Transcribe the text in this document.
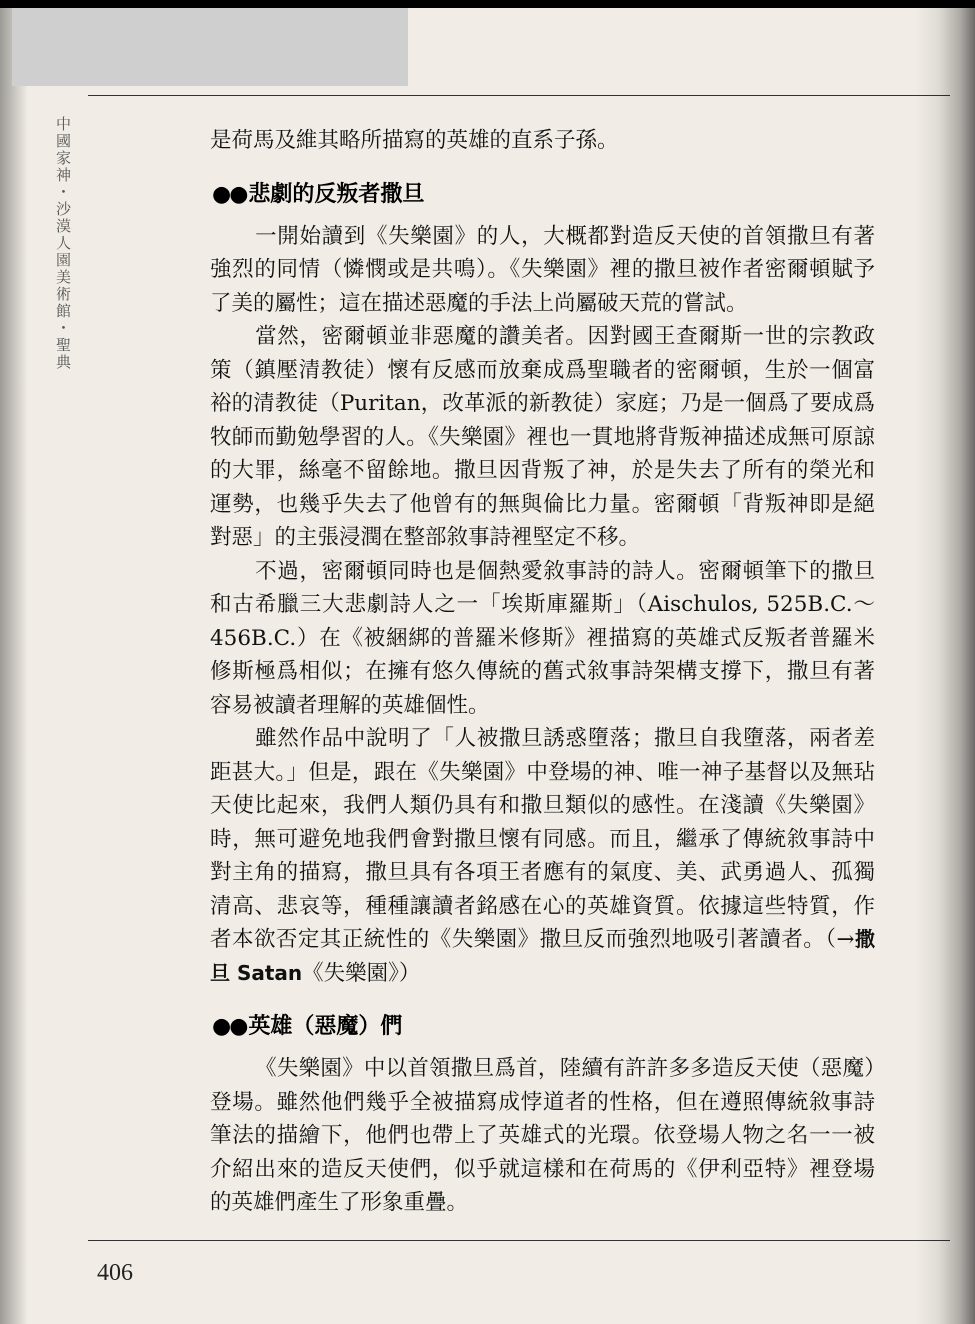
中國家神・沙漠人園美術館・聖典	是荷馬及維其略所描寫的英雄的直系子孫。

●●悲劇的反叛者撒旦

一開始讀到《失樂園》的人，大概都對造反天使的首領撒旦有著強烈的同情（憐憫或是共鳴）。《失樂園》裡的撒旦被作者密爾頓賦予了美的屬性；這在描述惡魔的手法上尚屬破天荒的嘗試。

當然，密爾頓並非惡魔的讚美者。因對國王查爾斯一世的宗教政策（鎮壓清教徒）懷有反感而放棄成爲聖職者的密爾頓，生於一個富裕的清教徒（Puritan，改革派的新教徒）家庭；乃是一個爲了要成爲牧師而勤勉學習的人。《失樂園》裡也一貫地將背叛神描述成無可原諒的大罪，絲毫不留餘地。撒旦因背叛了神，於是失去了所有的榮光和運勢，也幾乎失去了他曾有的無與倫比力量。密爾頓「背叛神即是絕對惡」的主張浸潤在整部敘事詩裡堅定不移。

不過，密爾頓同時也是個熱愛敘事詩的詩人。密爾頓筆下的撒旦和古希臘三大悲劇詩人之一「埃斯庫羅斯」（Aischulos, 525B.C.～456B.C.）在《被綑綁的普羅米修斯》裡描寫的英雄式反叛者普羅米修斯極爲相似；在擁有悠久傳統的舊式敘事詩架構支撐下，撒旦有著容易被讀者理解的英雄個性。

雖然作品中說明了「人被撒旦誘惑墮落；撒旦自我墮落，兩者差距甚大。」但是，跟在《失樂園》中登場的神、唯一神子基督以及無玷天使比起來，我們人類仍具有和撒旦類似的感性。在淺讀《失樂園》時，無可避免地我們會對撒旦懷有同感。而且，繼承了傳統敘事詩中對主角的描寫，撒旦具有各項王者應有的氣度、美、武勇過人、孤獨清高、悲哀等，種種讓讀者銘感在心的英雄資質。依據這些特質，作者本欲否定其正統性的《失樂園》撒旦反而強烈地吸引著讀者。（→撒旦 Satan《失樂園》）

●●英雄（惡魔）們

《失樂園》中以首領撒旦爲首，陸續有許許多多造反天使（惡魔）登場。雖然他們幾乎全被描寫成悖道者的性格，但在遵照傳統敘事詩筆法的描繪下，他們也帶上了英雄式的光環。依登場人物之名一一被介紹出來的造反天使們，似乎就這樣和在荷馬的《伊利亞特》裡登場的英雄們產生了形象重疊。

406
